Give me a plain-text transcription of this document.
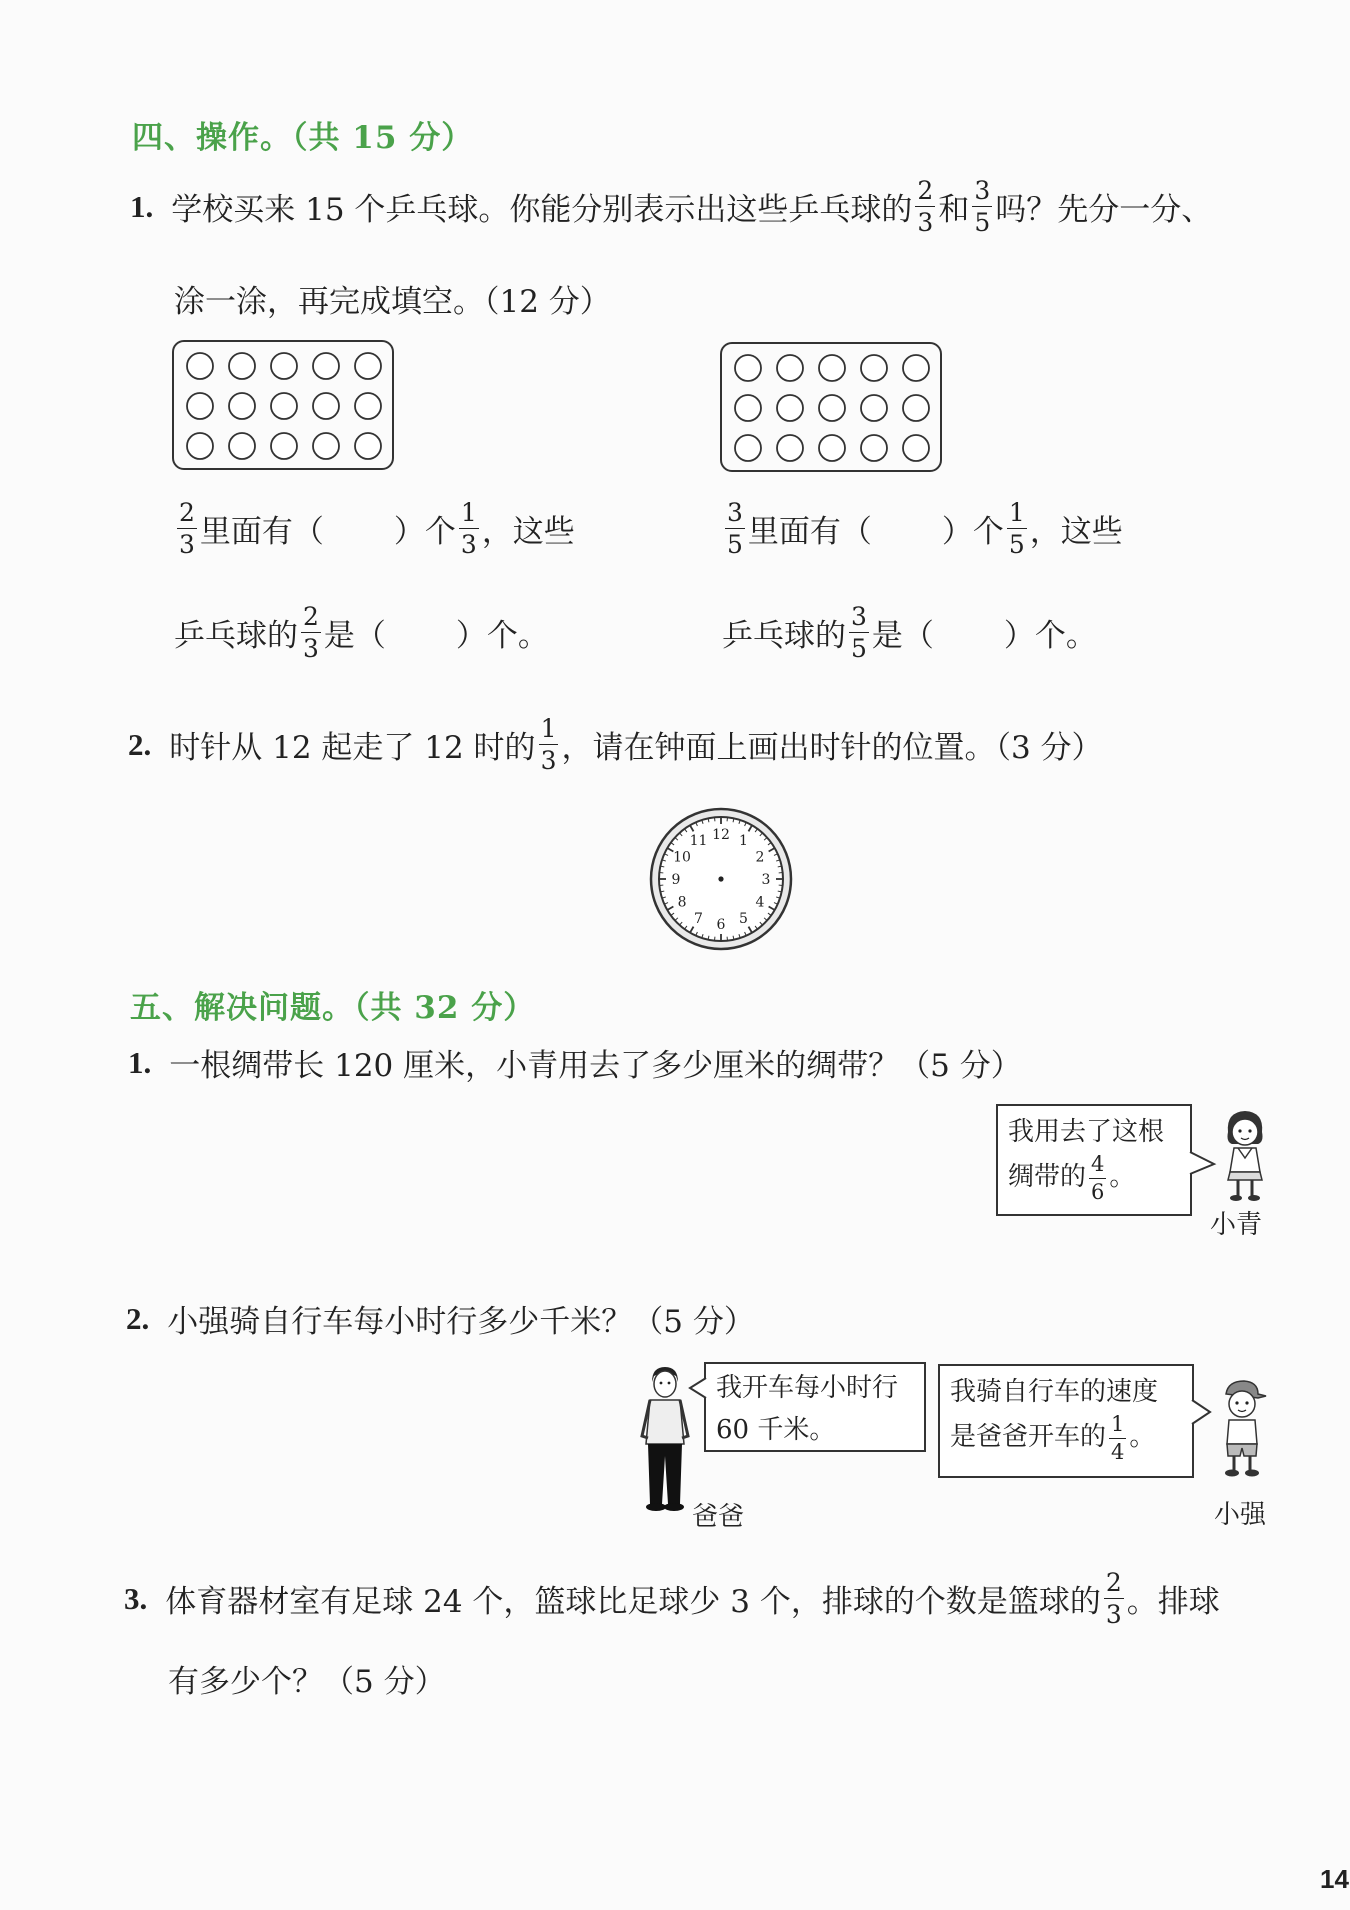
四、操作。（共 15 分）
1. 学校买来 15 个乒乓球。你能分别表示出这些乒乓球的 $\frac{2}{3}$ 和 $\frac{3}{5}$ 吗？先分一分、
涂一涂，再完成填空。（12 分）
$\frac{2}{3}$ 里面有（ ）个 $\frac{1}{3}$ ，这些
乒乓球的 $\frac{2}{3}$ 是（ ）个。
$\frac{3}{5}$ 里面有（ ）个 $\frac{1}{5}$ ，这些
乒乓球的 $\frac{3}{5}$ 是（ ）个。
2. 时针从 12 起走了 12 时的 $\frac{1}{3}$ ，请在钟面上画出时针的位置。（3 分）
12 1
2
3
4
5
6
7
8
9
10
11
五、解决问题。（共 32 分）
1. 一根绸带长 120 厘米，小青用去了多少厘米的绸带？（5 分）
我用去了这根
绸带的 $\frac{4}{6}$ 。
小青
2. 小强骑自行车每小时行多少千米？（5 分）
爸爸
我开车每小时行
60 千米。
我骑自行车的速度
是爸爸开车的 $\frac{1}{4}$ 。
小强
3. 体育器材室有足球 24 个，篮球比足球少 3 个，排球的个数是篮球的 $\frac{2}{3}$ 。排球
有多少个？（5 分）
14
